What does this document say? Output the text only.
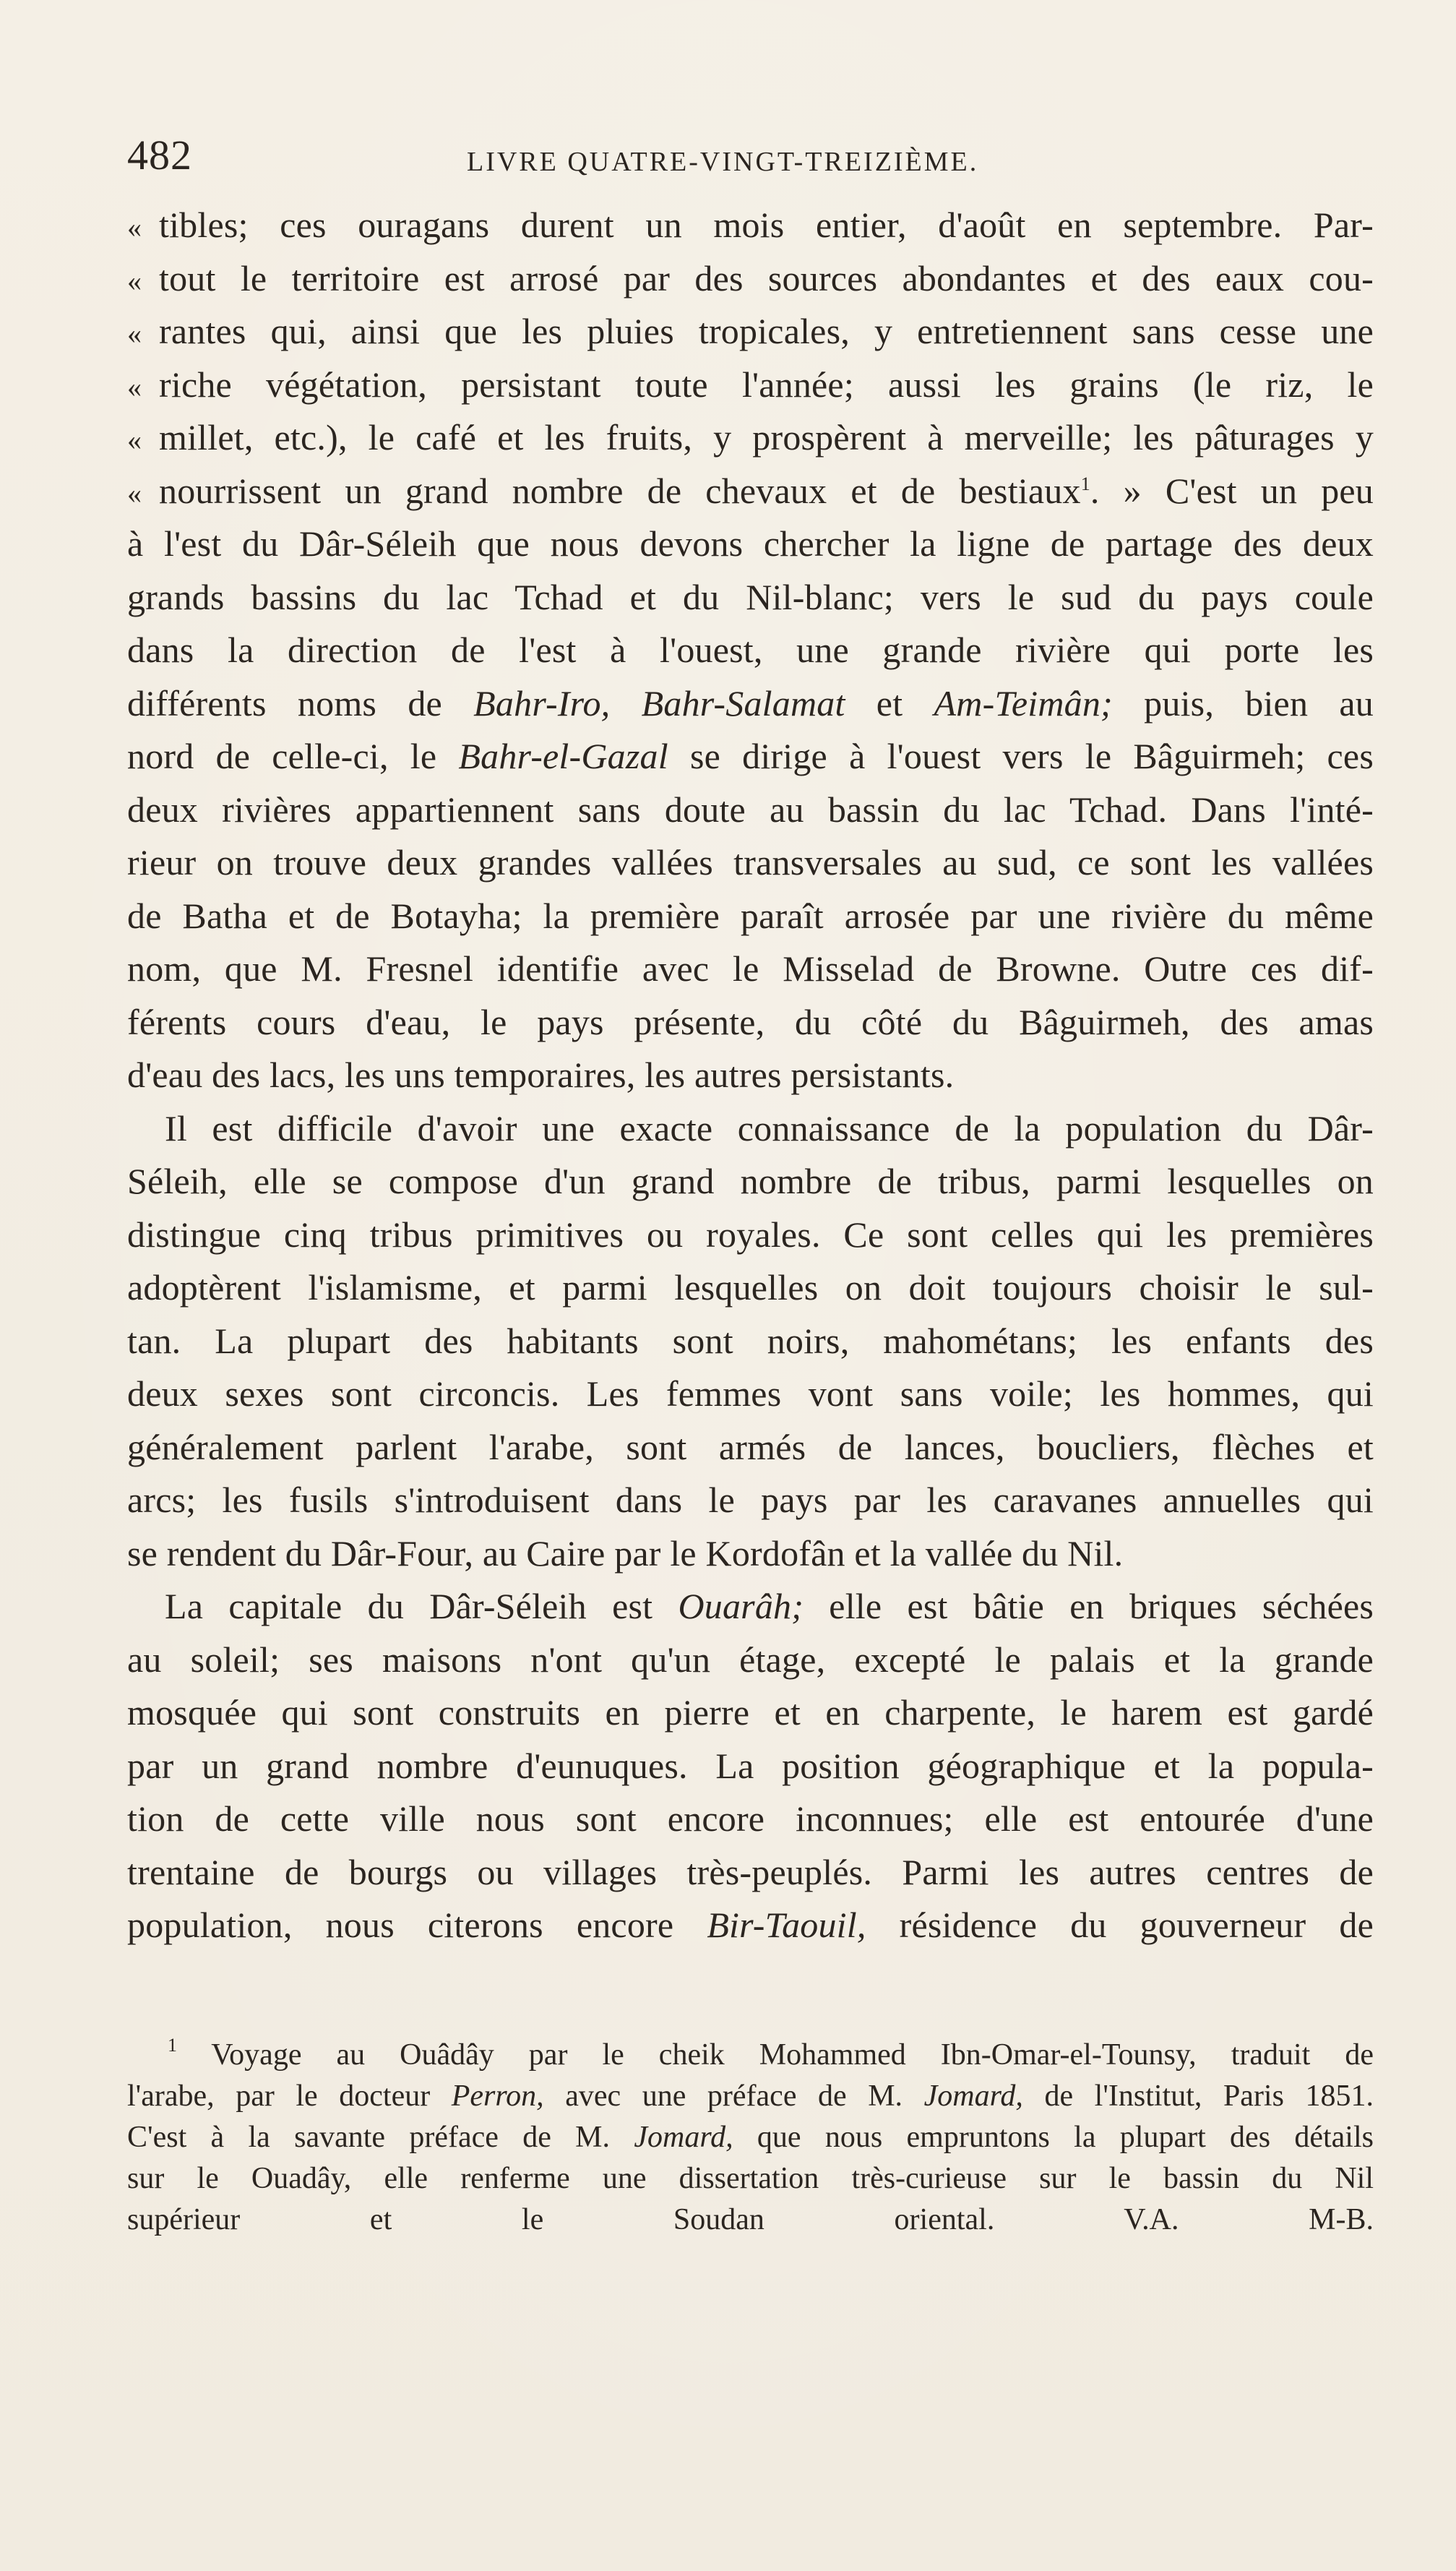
482	LIVRE QUATRE-VINGT-TREIZIÈME.
« tibles; ces ouragans durent un mois entier, d'août en septembre. Par-
« tout le territoire est arrosé par des sources abondantes et des eaux cou-
« rantes qui, ainsi que les pluies tropicales, y entretiennent sans cesse une
« riche végétation, persistant toute l'année; aussi les grains (le riz, le
« millet, etc.), le café et les fruits, y prospèrent à merveille; les pâturages y
« nourrissent un grand nombre de chevaux et de bestiaux$^1$. » C'est un peu
à l'est du Dâr-Séleih que nous devons chercher la ligne de partage des deux
grands bassins du lac Tchad et du Nil-blanc; vers le sud du pays coule
dans la direction de l'est à l'ouest, une grande rivière qui porte les
différents noms de Bahr-Iro, Bahr-Salamat et Am-Teimân; puis, bien au
nord de celle-ci, le Bahr-el-Gazal se dirige à l'ouest vers le Bâguirmeh; ces
deux rivières appartiennent sans doute au bassin du lac Tchad. Dans l'inté-
rieur on trouve deux grandes vallées transversales au sud, ce sont les vallées
de Batha et de Botayha; la première paraît arrosée par une rivière du même
nom, que M. Fresnel identifie avec le Misselad de Browne. Outre ces dif-
férents cours d'eau, le pays présente, du côté du Bâguirmeh, des amas
d'eau des lacs, les uns temporaires, les autres persistants.
Il est difficile d'avoir une exacte connaissance de la population du Dâr-
Séleih, elle se compose d'un grand nombre de tribus, parmi lesquelles on
distingue cinq tribus primitives ou royales. Ce sont celles qui les premières
adoptèrent l'islamisme, et parmi lesquelles on doit toujours choisir le sul-
tan. La plupart des habitants sont noirs, mahométans; les enfants des
deux sexes sont circoncis. Les femmes vont sans voile; les hommes, qui
généralement parlent l'arabe, sont armés de lances, boucliers, flèches et
arcs; les fusils s'introduisent dans le pays par les caravanes annuelles qui
se rendent du Dâr-Four, au Caire par le Kordofân et la vallée du Nil.
La capitale du Dâr-Séleih est Ouarâh; elle est bâtie en briques séchées
au soleil; ses maisons n'ont qu'un étage, excepté le palais et la grande
mosquée qui sont construits en pierre et en charpente, le harem est gardé
par un grand nombre d'eunuques. La position géographique et la popula-
tion de cette ville nous sont encore inconnues; elle est entourée d'une
trentaine de bourgs ou villages très-peuplés. Parmi les autres centres de
population, nous citerons encore Bir-Taouil, résidence du gouverneur de
$^1$ Voyage au Ouâdây par le cheik Mohammed Ibn-Omar-el-Tounsy, traduit de
l'arabe, par le docteur Perron, avec une préface de M. Jomard, de l'Institut, Paris 1851.
C'est à la savante préface de M. Jomard, que nous empruntons la plupart des détails
sur le Ouadây, elle renferme une dissertation très-curieuse sur le bassin du Nil
supérieur et le Soudan oriental. V.A. M-B.
